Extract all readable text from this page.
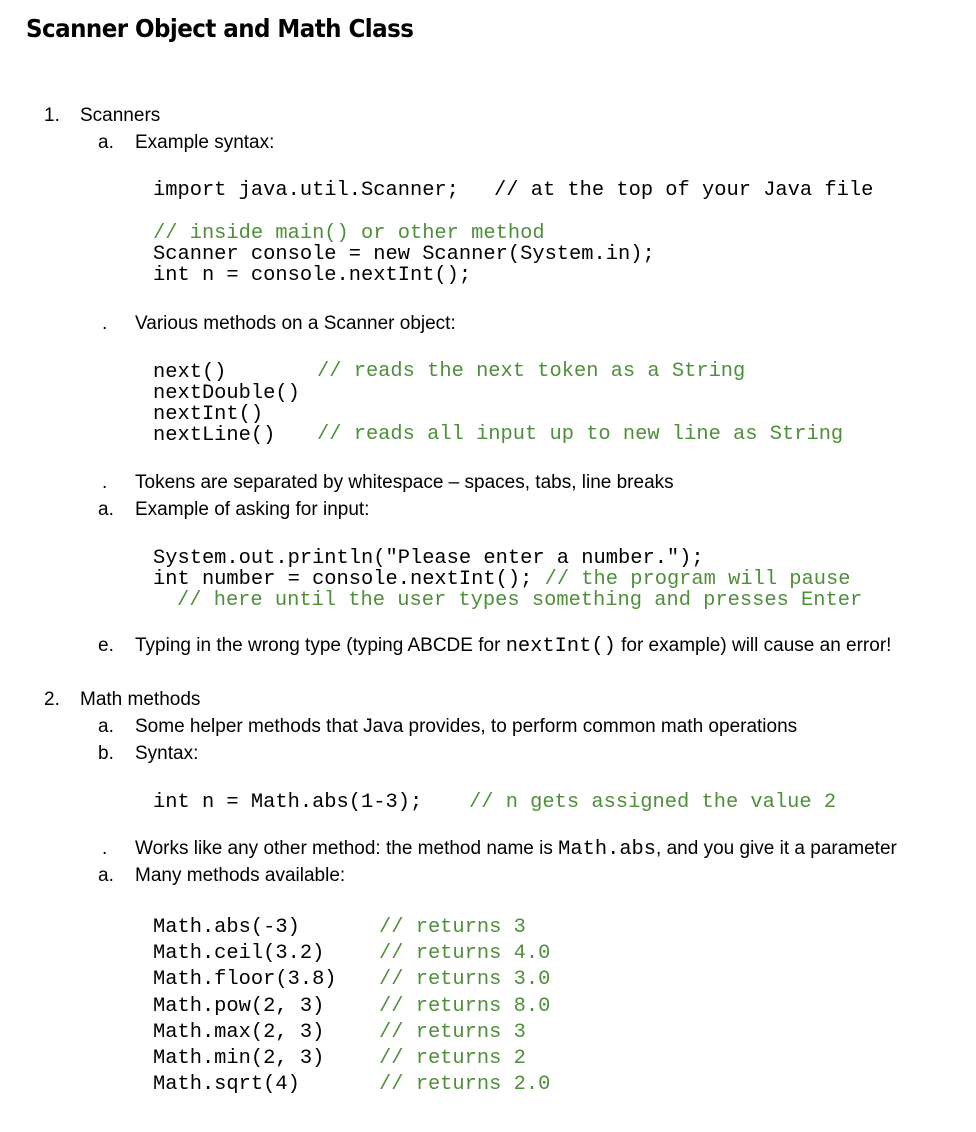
Scanner Object and Math Class
1. Scanners
a. Example syntax:
import java.util.Scanner; // at the top of your Java file
// inside main() or other method
Scanner console = new Scanner(System.in);
int n = console.nextInt();
. Various methods on a Scanner object:
next()
nextDouble()
nextInt()
nextLine()
// reads the next token as a String
// reads all input up to new line as String
. Tokens are separated by whitespace – spaces, tabs, line breaks
a. Example of asking for input:
System.out.println("Please enter a number.");
int number = console.nextInt(); // the program will pause
// here until the user types something and presses Enter
e. Typing in the wrong type (typing ABCDE for nextInt() for example) will cause an error!
2. Math methods
a. Some helper methods that Java provides, to perform common math operations
b. Syntax:
int n = Math.abs(1-3); // n gets assigned the value 2
. Works like any other method: the method name is Math.abs, and you give it a parameter
a. Many methods available:
Math.abs(-3)
Math.ceil(3.2)
Math.floor(3.8)
Math.pow(2, 3)
Math.max(2, 3)
Math.min(2, 3)
Math.sqrt(4)
// returns 3
// returns 4.0
// returns 3.0
// returns 8.0
// returns 3
// returns 2
// returns 2.0
